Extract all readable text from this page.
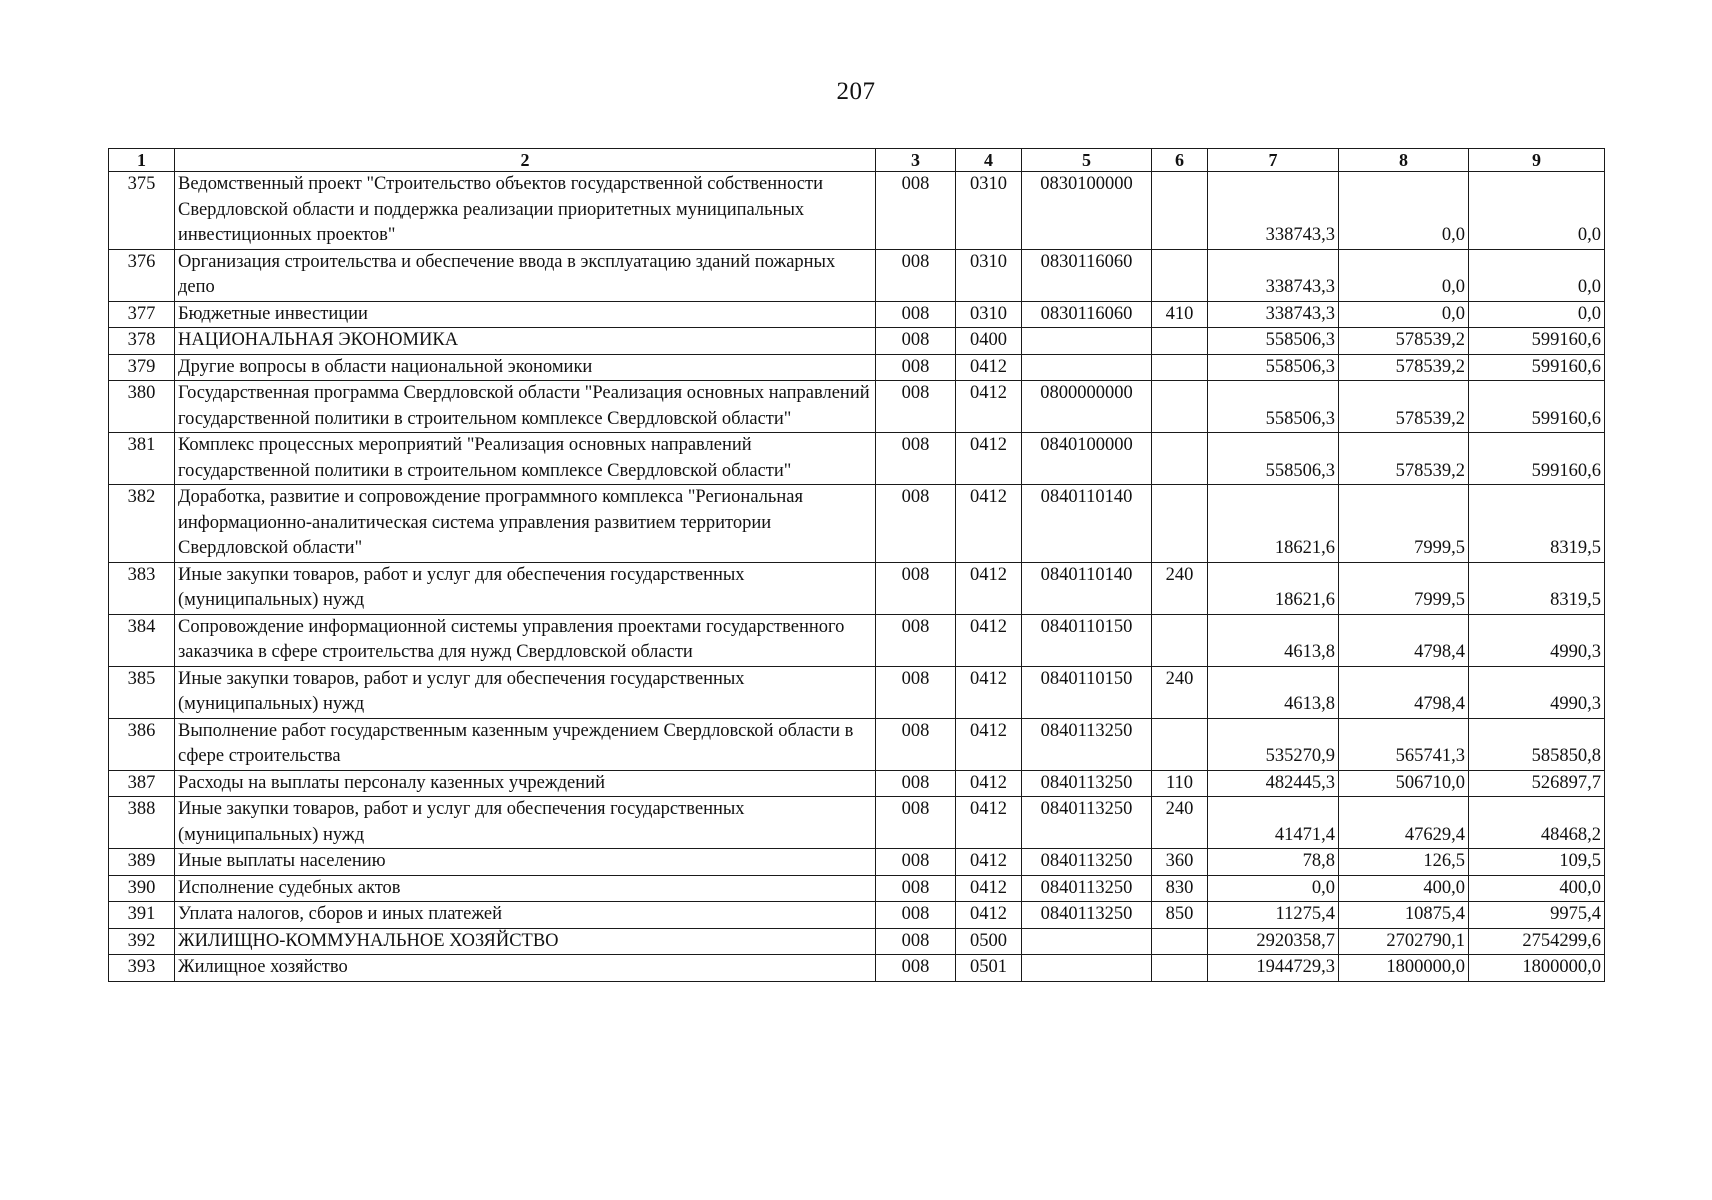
207
1	2	3	4	5	6	7	8	9
375	Ведомственный проект "Строительство объектов государственной собственности Свердловской области и поддержка реализации приоритетных муниципальных инвестиционных проектов"	008	0310	0830100000		338743,3	0,0	0,0
376	Организация строительства и обеспечение ввода в эксплуатацию зданий пожарных депо	008	0310	0830116060		338743,3	0,0	0,0
377	Бюджетные инвестиции	008	0310	0830116060	410	338743,3	0,0	0,0
378	НАЦИОНАЛЬНАЯ ЭКОНОМИКА	008	0400			558506,3	578539,2	599160,6
379	Другие вопросы в области национальной экономики	008	0412			558506,3	578539,2	599160,6
380	Государственная программа Свердловской области "Реализация основных направлений государственной политики в строительном комплексе Свердловской области"	008	0412	0800000000		558506,3	578539,2	599160,6
381	Комплекс процессных мероприятий "Реализация основных направлений государственной политики в строительном комплексе Свердловской области"	008	0412	0840100000		558506,3	578539,2	599160,6
382	Доработка, развитие и сопровождение программного комплекса "Региональная информационно-аналитическая система управления развитием территории Свердловской области"	008	0412	0840110140		18621,6	7999,5	8319,5
383	Иные закупки товаров, работ и услуг для обеспечения государственных (муниципальных) нужд	008	0412	0840110140	240	18621,6	7999,5	8319,5
384	Сопровождение информационной системы управления проектами государственного заказчика в сфере строительства для нужд Свердловской области	008	0412	0840110150		4613,8	4798,4	4990,3
385	Иные закупки товаров, работ и услуг для обеспечения государственных (муниципальных) нужд	008	0412	0840110150	240	4613,8	4798,4	4990,3
386	Выполнение работ государственным казенным учреждением Свердловской области в сфере строительства	008	0412	0840113250		535270,9	565741,3	585850,8
387	Расходы на выплаты персоналу казенных учреждений	008	0412	0840113250	110	482445,3	506710,0	526897,7
388	Иные закупки товаров, работ и услуг для обеспечения государственных (муниципальных) нужд	008	0412	0840113250	240	41471,4	47629,4	48468,2
389	Иные выплаты населению	008	0412	0840113250	360	78,8	126,5	109,5
390	Исполнение судебных актов	008	0412	0840113250	830	0,0	400,0	400,0
391	Уплата налогов, сборов и иных платежей	008	0412	0840113250	850	11275,4	10875,4	9975,4
392	ЖИЛИЩНО-КОММУНАЛЬНОЕ ХОЗЯЙСТВО	008	0500			2920358,7	2702790,1	2754299,6
393	Жилищное хозяйство	008	0501			1944729,3	1800000,0	1800000,0
